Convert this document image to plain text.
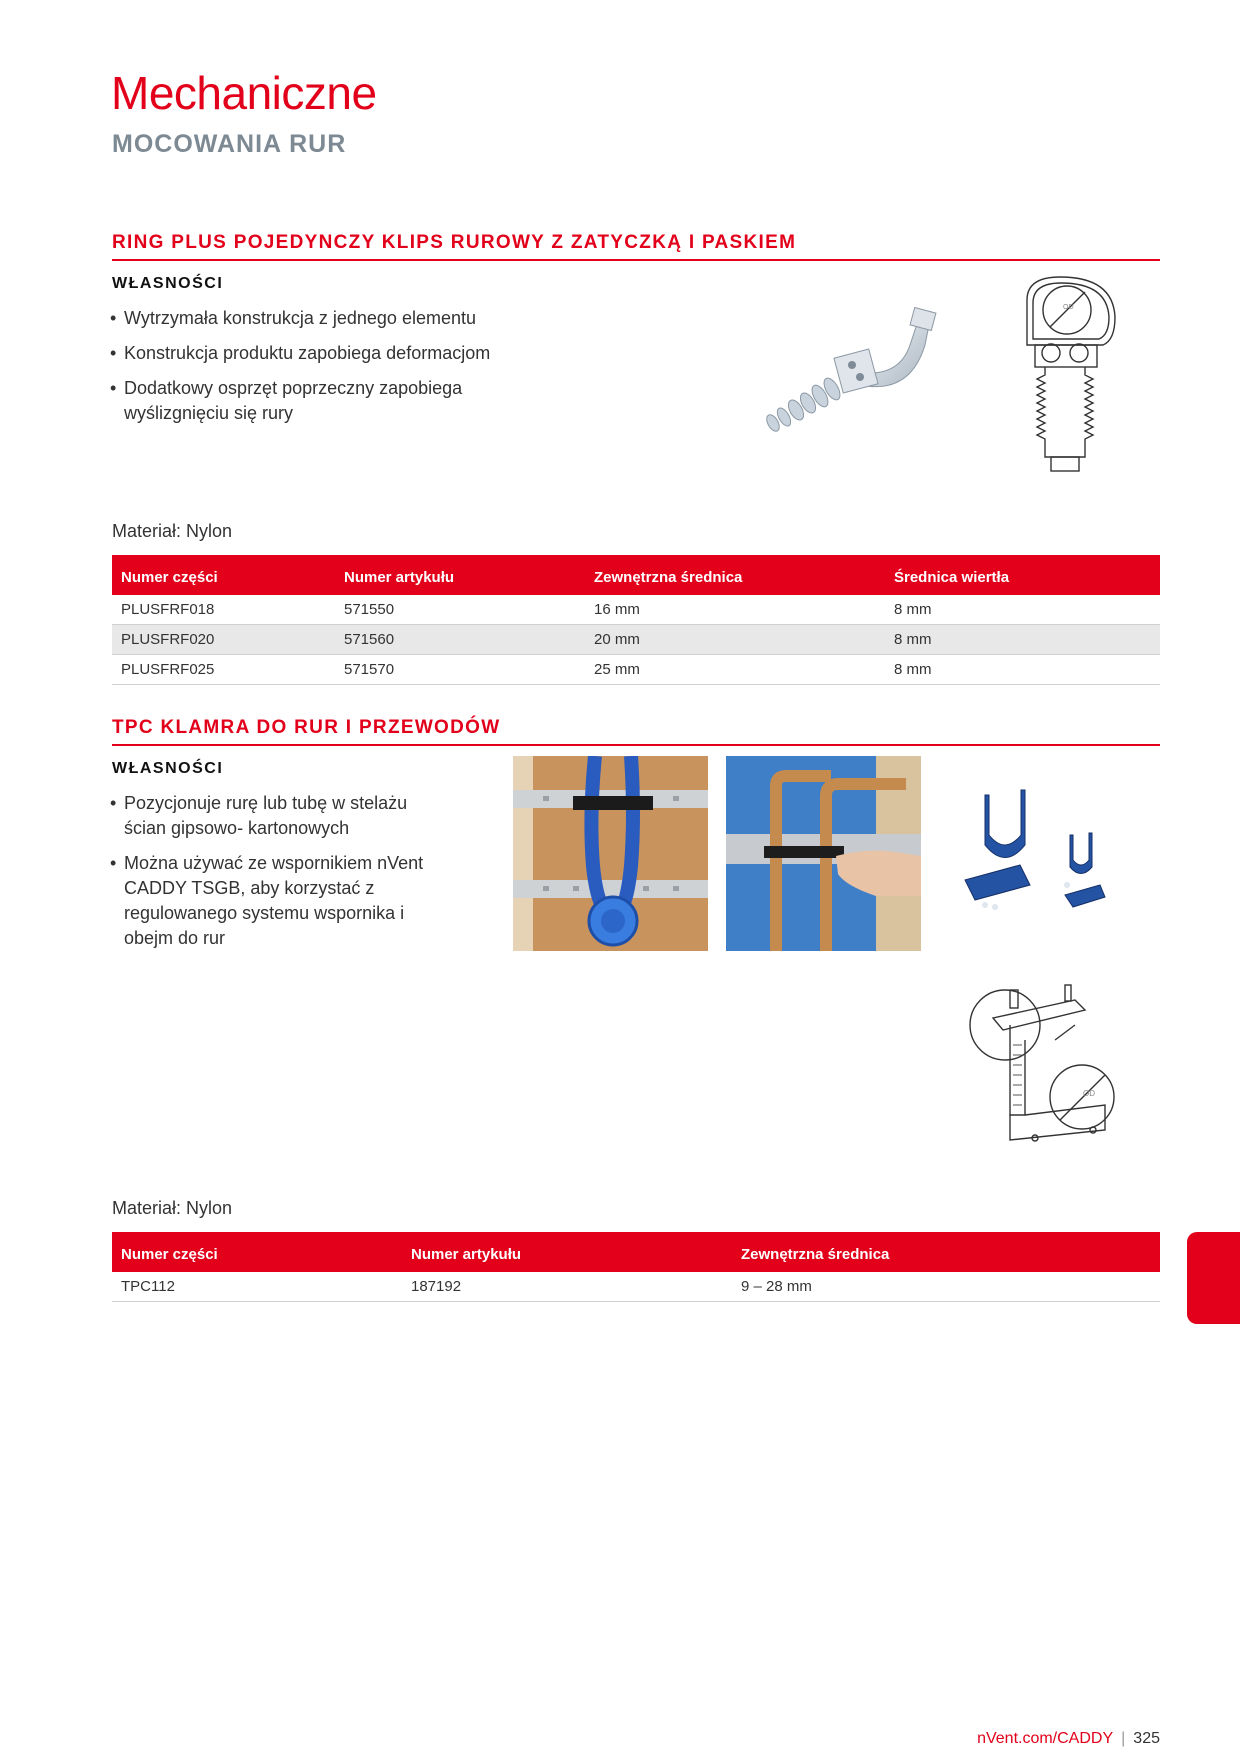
Mechaniczne
MOCOWANIA RUR
RING PLUS POJEDYNCZY KLIPS RUROWY Z ZATYCZKĄ I PASKIEM
WŁASNOŚCI
• Wytrzymała konstrukcja z jednego elementu
• Konstrukcja produktu zapobiega deformacjom
• Dodatkowy osprzęt poprzeczny zapobiega wyślizgnięciu się rury
OD
Materiał: Nylon
Numer części	Numer artykułu	Zewnętrzna średnica	Średnica wiertła
PLUSFRF018	571550	16 mm	8 mm
PLUSFRF020	571560	20 mm	8 mm
PLUSFRF025	571570	25 mm	8 mm
TPC KLAMRA DO RUR I PRZEWODÓW
WŁASNOŚCI
• Pozycjonuje rurę lub tubę w stelażu ścian gipsowo- kartonowych
• Można używać ze wspornikiem nVent CADDY TSGB, aby korzystać z regulowanego systemu wspornika i obejm do rur
OD
Materiał: Nylon
Numer części	Numer artykułu	Zewnętrzna średnica
TPC112	187192	9 – 28 mm
nVent.com/CADDY | 325
